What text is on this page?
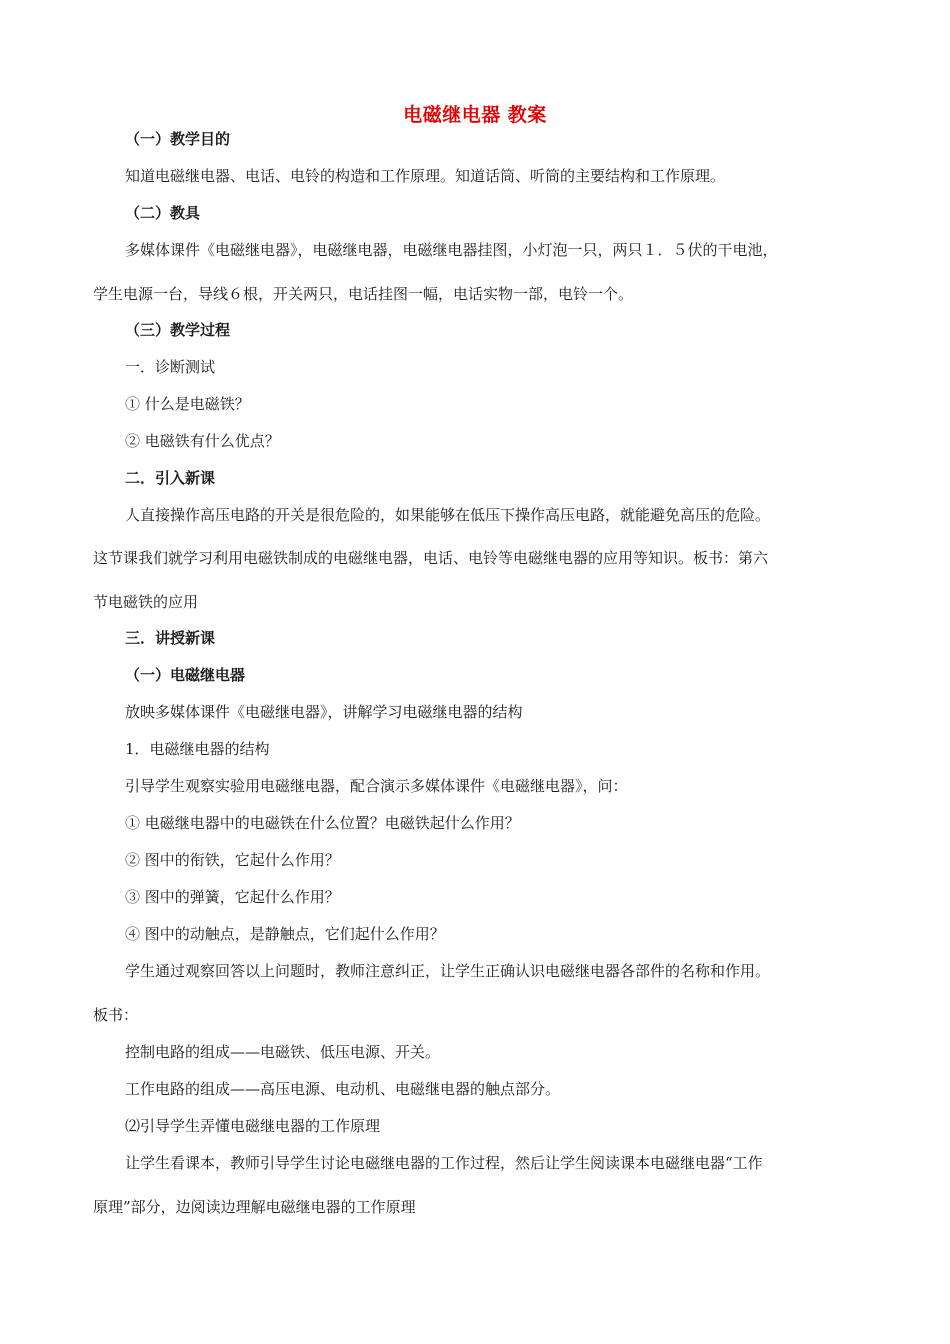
电磁继电器 教案
（一）教学目的
知道电磁继电器、电话、电铃的构造和工作原理。知道话筒、听筒的主要结构和工作原理。
（二）教具
多媒体课件《电磁继电器》，电磁继电器，电磁继电器挂图，小灯泡一只，两只１．５伏的干电池，
学生电源一台，导线６根，开关两只，电话挂图一幅，电话实物一部，电铃一个。
（三）教学过程
一．诊断测试
① 什么是电磁铁？
② 电磁铁有什么优点？
二．引入新课
人直接操作高压电路的开关是很危险的，如果能够在低压下操作高压电路，就能避免高压的危险。
这节课我们就学习利用电磁铁制成的电磁继电器，电话、电铃等电磁继电器的应用等知识。板书：第六
节电磁铁的应用
三．讲授新课
（一）电磁继电器
放映多媒体课件《电磁继电器》，讲解学习电磁继电器的结构
1．电磁继电器的结构
引导学生观察实验用电磁继电器，配合演示多媒体课件《电磁继电器》，问：
① 电磁继电器中的电磁铁在什么位置？电磁铁起什么作用？
② 图中的衔铁，它起什么作用？
③ 图中的弹簧，它起什么作用？
④ 图中的动触点，是静触点，它们起什么作用？
学生通过观察回答以上问题时，教师注意纠正，让学生正确认识电磁继电器各部件的名称和作用。
板书：
控制电路的组成——电磁铁、低压电源、开关。
工作电路的组成——高压电源、电动机、电磁继电器的触点部分。
⑵引导学生弄懂电磁继电器的工作原理
让学生看课本，教师引导学生讨论电磁继电器的工作过程，然后让学生阅读课本电磁继电器“工作
原理”部分，边阅读边理解电磁继电器的工作原理
